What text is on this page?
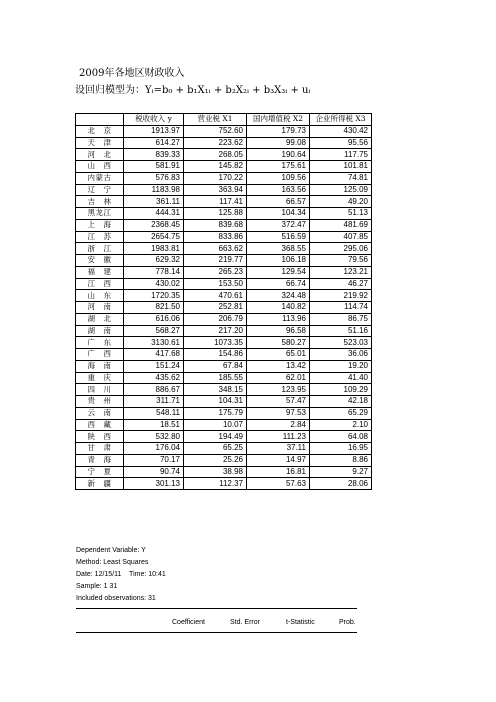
2009年各地区财政收入
设回归模型为：Yᵢ=b₀ + b₁X₁ᵢ + b₂X₂ᵢ + b₃X₃ᵢ + uᵢ
	税收收入 y	营业税 X1	国内增值税 X2	企业所得税 X3
北　京	1913.97	752.60	179.73	430.42
天　津	614.27	223.62	99.08	95.56
河　北	839.33	268.05	190.64	117.75
山　西	581.91	145.82	175.61	101.81
内蒙古	576.83	170.22	109.56	74.81
辽　宁	1183.98	363.94	163.56	125.09
吉　林	361.11	117.41	66.57	49.20
黑龙江	444.31	125.88	104.34	51.13
上　海	2368.45	839.68	372.47	481.69
江　苏	2654.75	833.86	516.59	407.85
浙　江	1983.81	663.62	368.55	295.06
安　徽	629.32	219.77	106.18	79.56
福　建	778.14	265.23	129.54	123.21
江　西	430.02	153.50	66.74	46.27
山　东	1720.35	470.61	324.48	219.92
河　南	821.50	252.81	140.82	114.74
湖　北	616.06	206.79	113.96	86.75
湖　南	568.27	217.20	96.58	51.16
广　东	3130.61	1073.35	580.27	523.03
广　西	417.68	154.86	65.01	36.06
海　南	151.24	67.84	13.42	19.20
重　庆	435.62	185.55	62.01	41.40
四　川	886.67	348.15	123.95	109.29
贵　州	311.71	104.31	57.47	42.18
云　南	548.11	175.79	97.53	65.29
西　藏	18.51	10.07	2.84	2.10
陕　西	532.80	194.49	111.23	64.08
甘　肃	176.04	65.25	37.11	16.95
青　海	70.17	25.26	14.97	8.86
宁　夏	90.74	38.98	16.81	9.27
新　疆	301.13	112.37	57.63	28.06
Dependent Variable: Y
Method: Least Squares
Date: 12/15/11    Time: 10:41
Sample: 1 31
Included observations: 31
Coefficient	Std. Error	t-Statistic	Prob.
